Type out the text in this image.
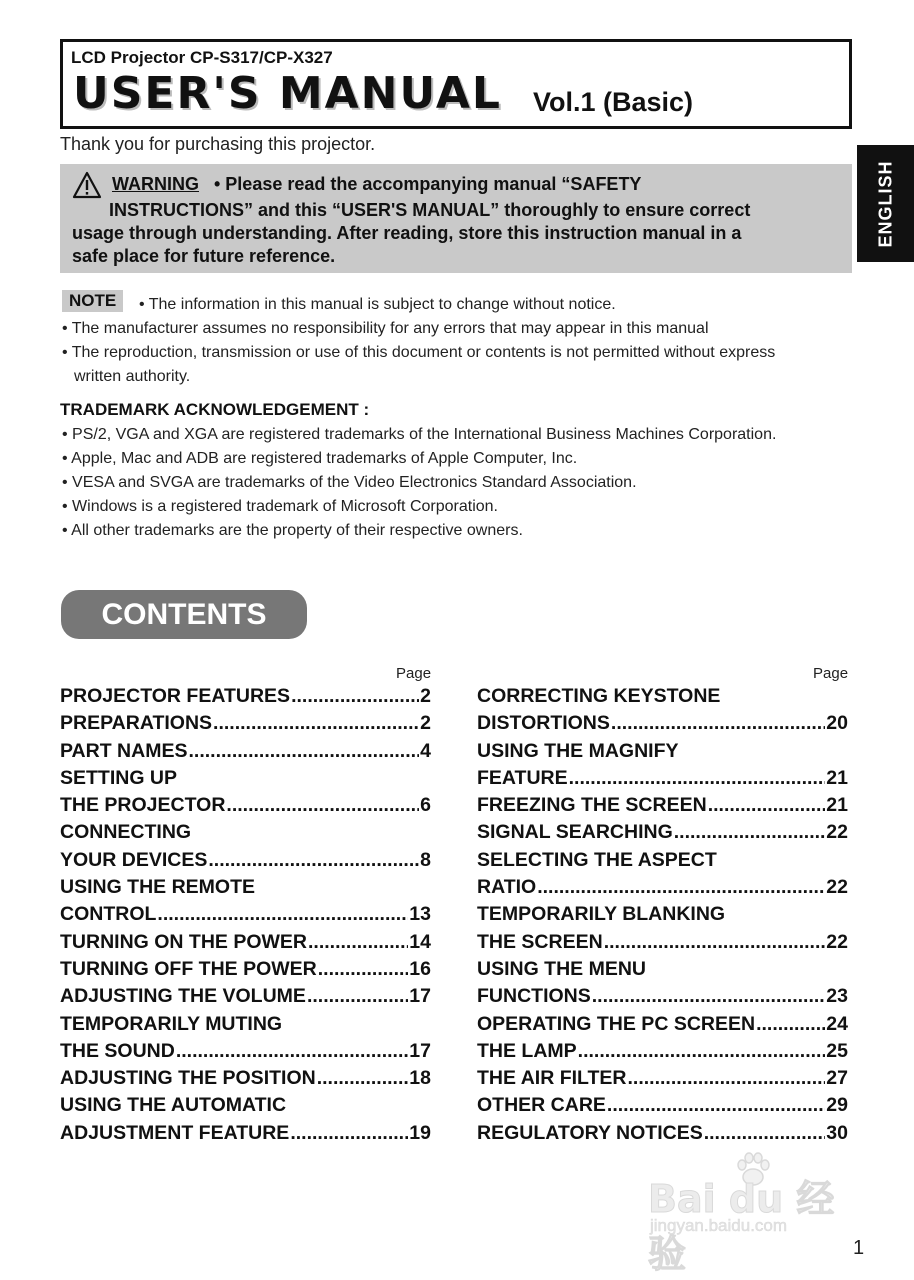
LCD Projector CP-S317/CP-X327
USER'S MANUAL Vol.1 (Basic)
Thank you for purchasing this projector.
WARNING • Please read the accompanying manual “SAFETY
INSTRUCTIONS” and this “USER'S MANUAL” thoroughly to ensure correct
usage through understanding. After reading, store this instruction manual in a
safe place for future reference.
ENGLISH
NOTE	• The information in this manual is subject to change without notice.
• The manufacturer assumes no responsibility for any errors that may appear in this manual
• The reproduction, transmission or use of this document or contents is not permitted without express
written authority.
TRADEMARK ACKNOWLEDGEMENT :
• PS/2, VGA and XGA are registered trademarks of the International Business Machines Corporation.
• Apple, Mac and ADB are registered trademarks of Apple Computer, Inc.
• VESA and SVGA are trademarks of the Video Electronics Standard Association.
• Windows is a registered trademark of Microsoft Corporation.
• All other trademarks are the property of their respective owners.
CONTENTS
Page	Page
PROJECTOR FEATURES .....	2
PREPARATIONS .....	2
PART NAMES .....	4
SETTING UP
THE PROJECTOR .....	6
CONNECTING
YOUR DEVICES .....	8
USING THE REMOTE
CONTROL .....	13
TURNING ON THE POWER .....	14
TURNING OFF THE POWER .....	16
ADJUSTING THE VOLUME .....	17
TEMPORARILY MUTING
THE SOUND .....	17
ADJUSTING THE POSITION .....	18
USING THE AUTOMATIC
ADJUSTMENT FEATURE .....	19
CORRECTING KEYSTONE
DISTORTIONS .....	20
USING THE MAGNIFY
FEATURE .....	21
FREEZING THE SCREEN .....	21
SIGNAL SEARCHING .....	22
SELECTING THE ASPECT
RATIO .....	22
TEMPORARILY BLANKING
THE SCREEN .....	22
USING THE MENU
FUNCTIONS .....	23
OPERATING THE PC SCREEN .....	24
THE LAMP .....	25
THE AIR FILTER .....	27
OTHER CARE .....	29
REGULATORY NOTICES .....	30
Bai du 经验
jingyan.baidu.com
1
